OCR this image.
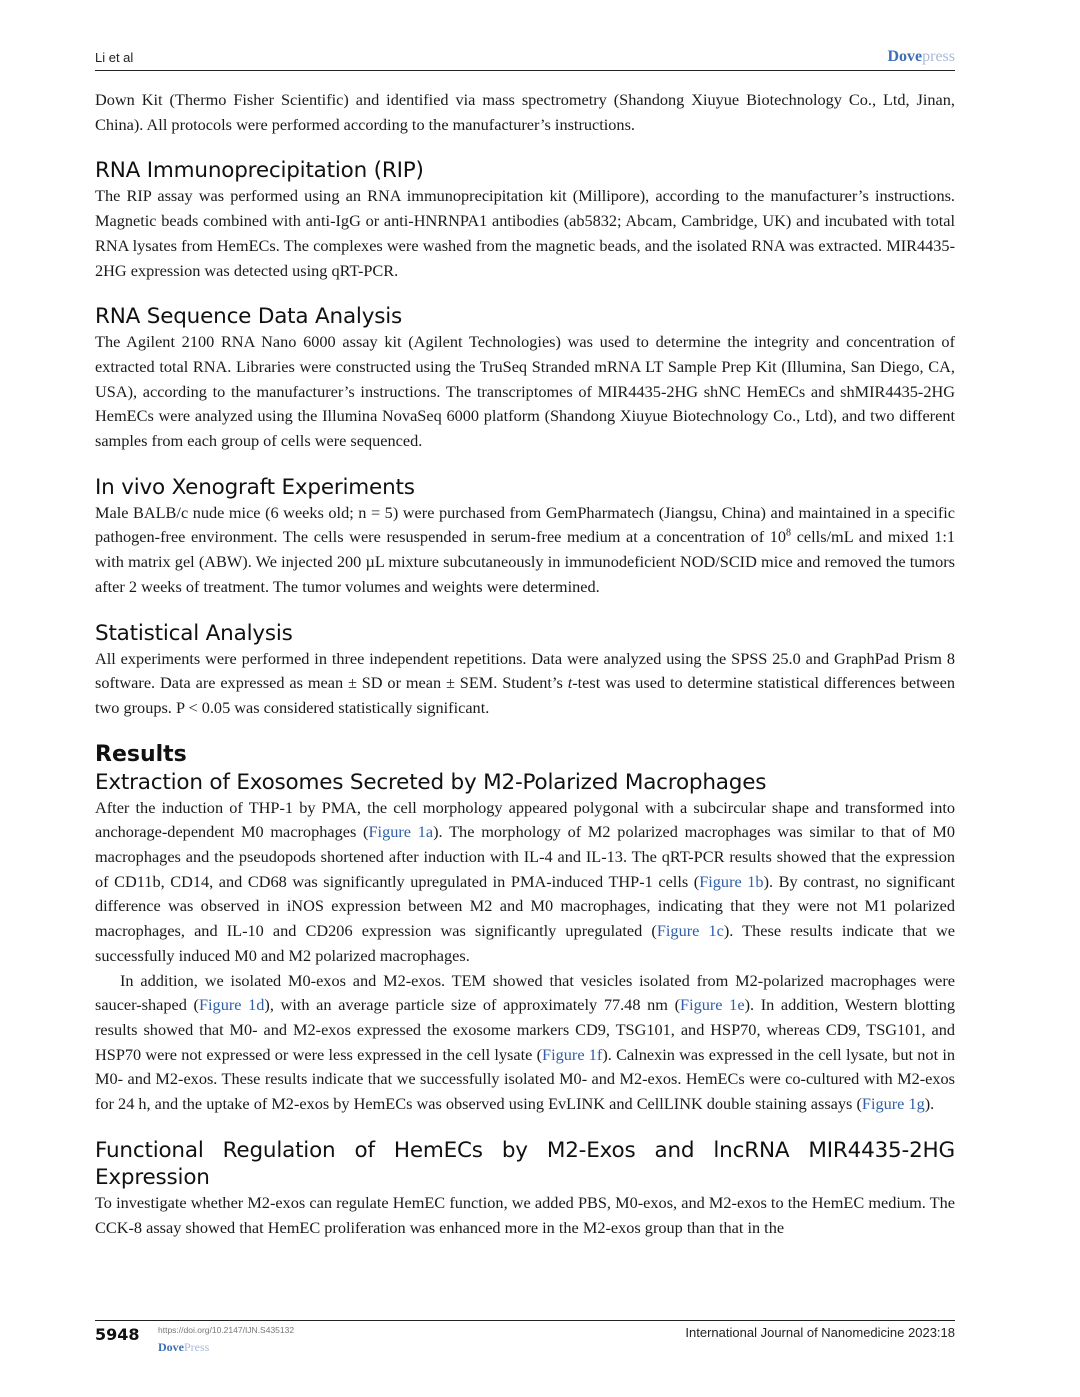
Li et al	Dovepress

Down Kit (Thermo Fisher Scientific) and identified via mass spectrometry (Shandong Xiuyue Biotechnology Co., Ltd, Jinan, China). All protocols were performed according to the manufacturer’s instructions.

RNA Immunoprecipitation (RIP)

The RIP assay was performed using an RNA immunoprecipitation kit (Millipore), according to the manufacturer’s instructions. Magnetic beads combined with anti-IgG or anti-HNRNPA1 antibodies (ab5832; Abcam, Cambridge, UK) and incubated with total RNA lysates from HemECs. The complexes were washed from the magnetic beads, and the isolated RNA was extracted. MIR4435-2HG expression was detected using qRT-PCR.

RNA Sequence Data Analysis

The Agilent 2100 RNA Nano 6000 assay kit (Agilent Technologies) was used to determine the integrity and concentration of extracted total RNA. Libraries were constructed using the TruSeq Stranded mRNA LT Sample Prep Kit (Illumina, San Diego, CA, USA), according to the manufacturer’s instructions. The transcriptomes of MIR4435-2HG shNC HemECs and shMIR4435-2HG HemECs were analyzed using the Illumina NovaSeq 6000 platform (Shandong Xiuyue Biotechnology Co., Ltd), and two different samples from each group of cells were sequenced.

In vivo Xenograft Experiments

Male BALB/c nude mice (6 weeks old; n = 5) were purchased from GemPharmatech (Jiangsu, China) and maintained in a specific pathogen-free environment. The cells were resuspended in serum-free medium at a concentration of $10^8$ cells/mL and mixed 1:1 with matrix gel (ABW). We injected 200 µL mixture subcutaneously in immunodeficient NOD/SCID mice and removed the tumors after 2 weeks of treatment. The tumor volumes and weights were determined.

Statistical Analysis

All experiments were performed in three independent repetitions. Data were analyzed using the SPSS 25.0 and GraphPad Prism 8 software. Data are expressed as mean ± SD or mean ± SEM. Student’s t-test was used to determine statistical differences between two groups. P < 0.05 was considered statistically significant.

Results
Extraction of Exosomes Secreted by M2-Polarized Macrophages

After the induction of THP-1 by PMA, the cell morphology appeared polygonal with a subcircular shape and transformed into anchorage-dependent M0 macrophages (Figure 1a). The morphology of M2 polarized macrophages was similar to that of M0 macrophages and the pseudopods shortened after induction with IL-4 and IL-13. The qRT-PCR results showed that the expression of CD11b, CD14, and CD68 was significantly upregulated in PMA-induced THP-1 cells (Figure 1b). By contrast, no significant difference was observed in iNOS expression between M2 and M0 macrophages, indicating that they were not M1 polarized macrophages, and IL-10 and CD206 expression was significantly upregulated (Figure 1c). These results indicate that we successfully induced M0 and M2 polarized macrophages.

In addition, we isolated M0-exos and M2-exos. TEM showed that vesicles isolated from M2-polarized macrophages were saucer-shaped (Figure 1d), with an average particle size of approximately 77.48 nm (Figure 1e). In addition, Western blotting results showed that M0- and M2-exos expressed the exosome markers CD9, TSG101, and HSP70, whereas CD9, TSG101, and HSP70 were not expressed or were less expressed in the cell lysate (Figure 1f). Calnexin was expressed in the cell lysate, but not in M0- and M2-exos. These results indicate that we successfully isolated M0- and M2-exos. HemECs were co-cultured with M2-exos for 24 h, and the uptake of M2-exos by HemECs was observed using EvLINK and CellLINK double staining assays (Figure 1g).

Functional Regulation of HemECs by M2-Exos and lncRNA MIR4435-2HG Expression

To investigate whether M2-exos can regulate HemEC function, we added PBS, M0-exos, and M2-exos to the HemEC medium. The CCK-8 assay showed that HemEC proliferation was enhanced more in the M2-exos group than that in the

5948 https://doi.org/10.2147/IJN.S435132
DovePress
International Journal of Nanomedicine 2023:18
